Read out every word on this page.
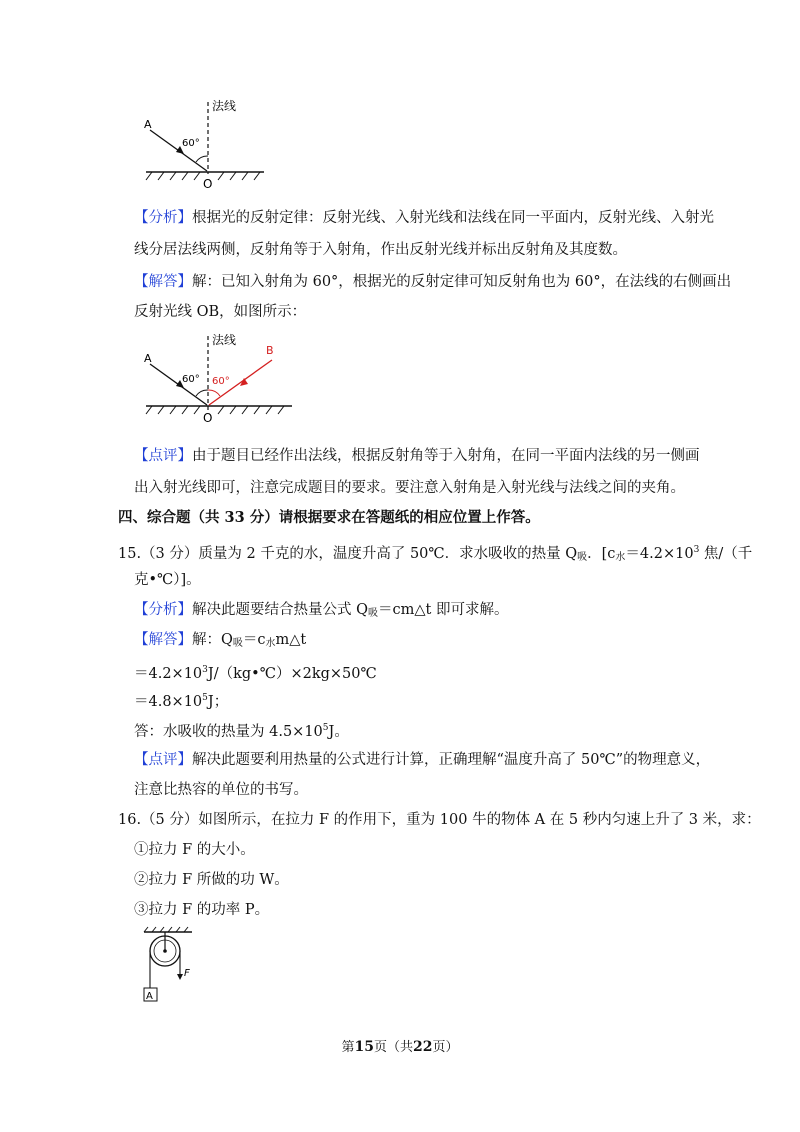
法线
A
60°
O
【分析】根据光的反射定律：反射光线、入射光线和法线在同一平面内，反射光线、入射光
线分居法线两侧，反射角等于入射角，作出反射光线并标出反射角及其度数。
【解答】解：已知入射角为 60°，根据光的反射定律可知反射角也为 60°，在法线的右侧画出
反射光线 OB，如图所示：
法线
A
B
60° 60°
O
【点评】由于题目已经作出法线，根据反射角等于入射角，在同一平面内法线的另一侧画
出入射光线即可，注意完成题目的要求。要注意入射角是入射光线与法线之间的夹角。
四、综合题（共 33 分）请根据要求在答题纸的相应位置上作答。
15.（3 分）质量为 2 千克的水，温度升高了 50℃．求水吸收的热量 $Q_吸$．[$c_水=4.2\times 10^3$ 焦/（千
克•℃）]。
【分析】解决此题要结合热量公式 $Q_吸=cm\triangle t$ 即可求解。
【解答】解：$Q_吸=c_水m\triangle t$
$=4.2\times 10^3J/(kg•℃)\times 2kg\times 50℃$
$=4.8\times 10^5J$；
答：水吸收的热量为 $4.5\times 10^5J$。
【点评】解决此题要利用热量的公式进行计算，正确理解“温度升高了 50℃”的物理意义，
注意比热容的单位的书写。
16.（5 分）如图所示，在拉力 F 的作用下，重为 100 牛的物体 A 在 5 秒内匀速上升了 3 米，求：
①拉力 F 的大小。
②拉力 F 所做的功 W。
③拉力 F 的功率 P。
F
A
第15页（共22页）
